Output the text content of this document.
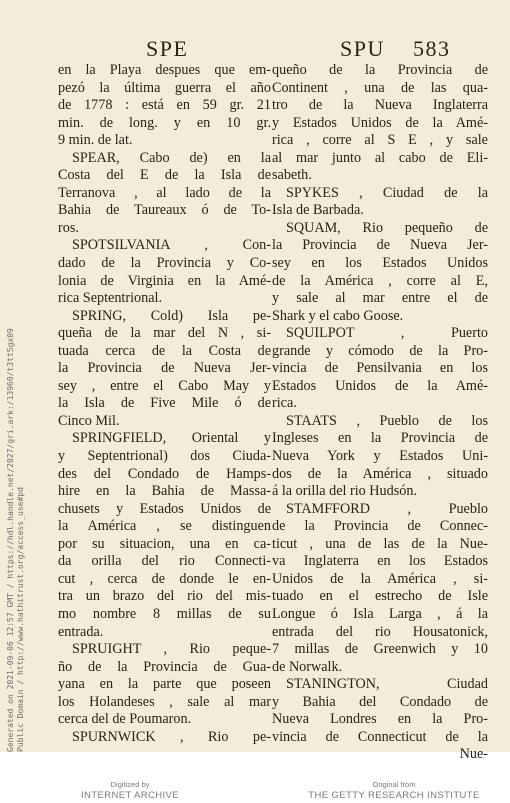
SPE	SPU 583
en la Playa despues que em-
pezó la última guerra el año
de 1778 : está en 59 gr. 21
min. de long. y en 10 gr.
9 min. de lat.
SPEAR, Cabo de) en la
Costa del E de la Isla de
Terranova , al lado de la
Bahia de Taureaux ó de To-
ros.
SPOTSILVANIA , Con-
dado de la Provincia y Co-
lonia de Virginia en la Amé-
rica Septentrional.
SPRING, Cold) Isla pe-
queña de la mar del N , si-
tuada cerca de la Costa de
la Provincia de Nueva Jer-
sey , entre el Cabo May y
la Isla de Five Mile ó de
Cinco Mil.
SPRINGFIELD, Oriental y
y Septentrional) dos Ciuda-
des del Condado de Hamps-
hire en la Bahia de Massa-
chusets y Estados Unidos de
la América , se distinguen
por su situacion, una en ca-
da orilla del rio Connecti-
cut , cerca de donde le en-
tra un brazo del rio del mis-
mo nombre 8 millas de su
entrada.
SPRUIGHT , Rio peque-
ño de la Provincia de Gua-
yana en la parte que poseen
los Holandeses , sale al mar
cerca del de Poumaron.
SPURNWICK , Rio pe-
queño de la Provincia de
Continent , una de las qua-
tro de la Nueva Inglaterra
y Estados Unidos de la Amé-
rica , corre al S E , y sale
al mar junto al cabo de Eli-
sabeth.
SPYKES , Ciudad de la
Isla de Barbada.
SQUAM, Rio pequeño de
la Provincia de Nueva Jer-
sey en los Estados Unidos
de la América , corre al E,
y sale al mar entre el de
Shark y el cabo Goose.
SQUILPOT , Puerto
grande y cómodo de la Pro-
vincia de Pensilvania en los
Estados Unidos de la Amé-
rica.
STAATS , Pueblo de los
Ingleses en la Provincia de
Nueva York y Estados Uni-
dos de la América , situado
á la orilla del rio Hudsón.
STAMFFORD , Pueblo
de la Provincia de Connec-
ticut , una de las de la Nue-
va Inglaterra en los Estados
Unidos de la América , si-
tuado en el estrecho de Isle
Longue ó Isla Larga , á la
entrada del rio Housatonick,
7 millas de Greenwich y 10
de Norwalk.
STANINGTON, Ciudad
y Bahia del Condado de
Nueva Londres en la Pro-
vincia de Connecticut de la
Nue-
Generated on 2021-09-06 12:57 GMT / https://hdl.handle.net/2027/gri.ark:/13960/t3tt5gx09 Public Domain / http://www.hathitrust.org/access_use#pd
Digitized by
INTERNET ARCHIVE
Original from
THE GETTY RESEARCH INSTITUTE
